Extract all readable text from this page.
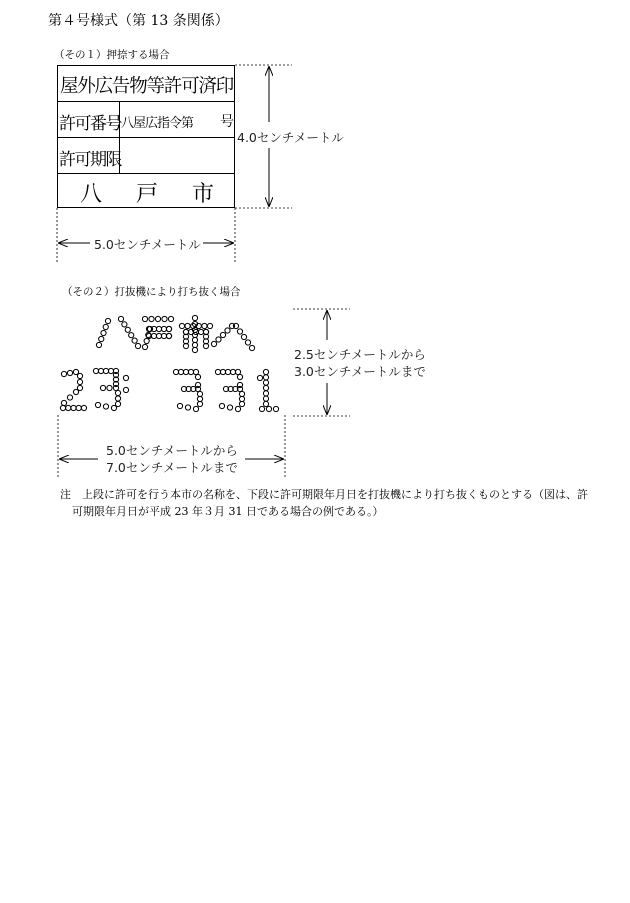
第４号様式（第 13 条関係）
（その１）押捺する場合
屋外広告物等許可済印
許可番号 八屋広指令第 号
許可期限
八　戸　市
4.0センチメートル
5.0センチメートル
（その２）打抜機により打ち抜く場合
2.5センチメートルから
3.0センチメートルまで
5.0センチメートルから
7.0センチメートルまで
注　上段に許可を行う本市の名称を、下段に許可期限年月日を打抜機により打ち抜くものとする（図は、許
可期限年月日が平成 23 年３月 31 日である場合の例である。）
